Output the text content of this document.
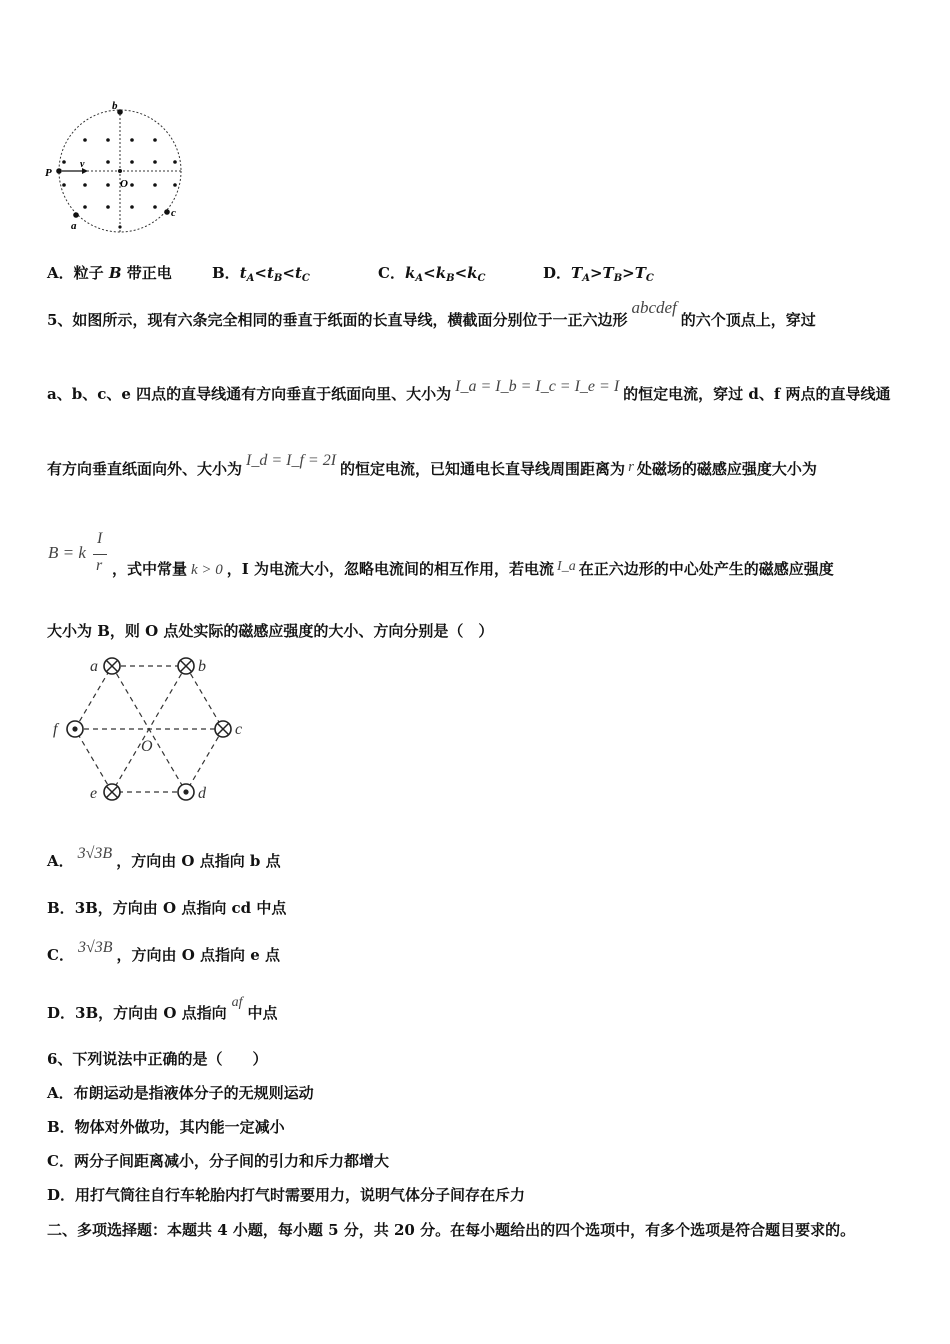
b
P
v
O
a
c
A．粒子 B 带正电	B．$t_A<t_B<t_C$	C．$k_A<k_B<k_C$	D．$T_A>T_B>T_C$
5、如图所示，现有六条完全相同的垂直于纸面的长直导线，横截面分别位于一正六边形abcdef的六个顶点上，穿过
a、b、c、e 四点的直导线通有方向垂直于纸面向里、大小为 I_a = I_b = I_c = I_e = I 的恒定电流，穿过 d、f 两点的直导线通
有方向垂直纸面向外、大小为 I_d = I_f = 2I 的恒定电流，已知通电长直导线周围距离为 r 处磁场的磁感应强度大小为
B = k
I
r ，式中常量 k > 0 ，I 为电流大小，忽略电流间的相互作用，若电流 I_a 在正六边形的中心处产生的磁感应强度
大小为 B，则 O 点处实际的磁感应强度的大小、方向分别是（　）
a	b
c
d
e
f
O
A． 3√3B ，方向由 O 点指向 b 点
B．3B，方向由 O 点指向 cd 中点
C． 3√3B ，方向由 O 点指向 e 点
D．3B，方向由 O 点指向af中点
6、下列说法中正确的是（　　）
A．布朗运动是指液体分子的无规则运动
B．物体对外做功，其内能一定减小
C．两分子间距离减小，分子间的引力和斥力都增大
D．用打气筒往自行车轮胎内打气时需要用力，说明气体分子间存在斥力
二、多项选择题：本题共 4 小题，每小题 5 分，共 20 分。在每小题给出的四个选项中，有多个选项是符合题目要求的。
